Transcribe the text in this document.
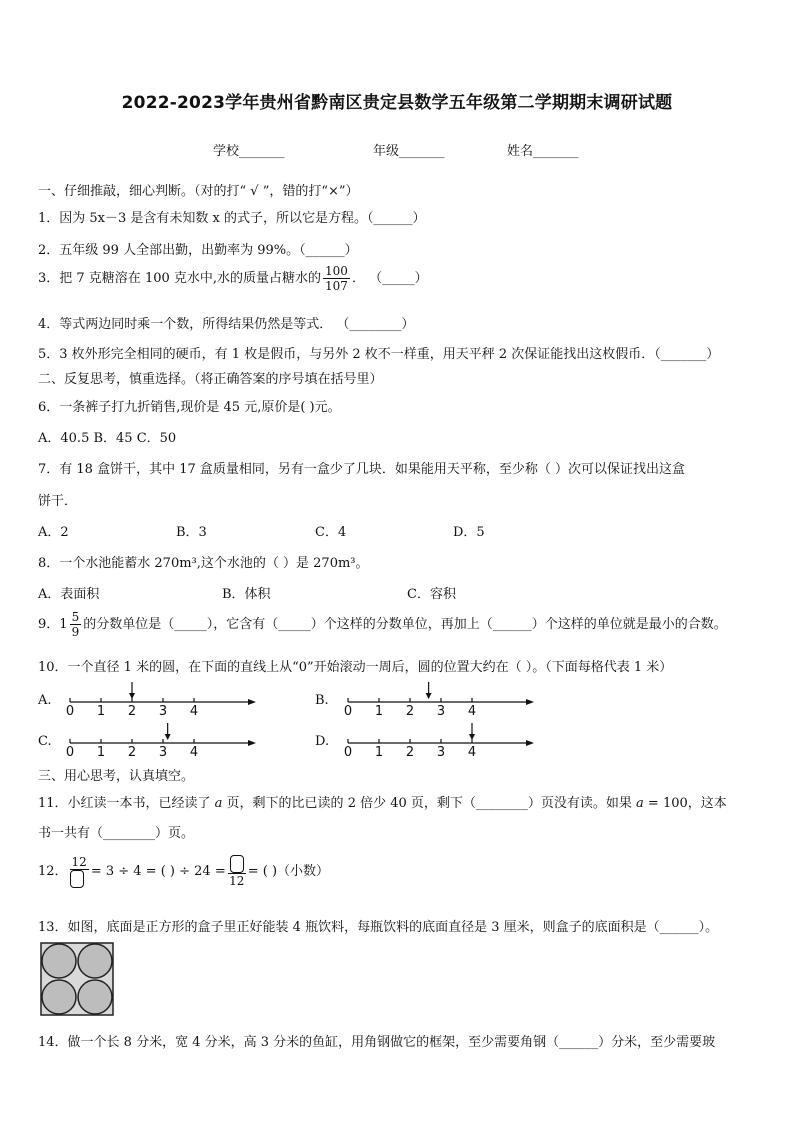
2022-2023学年贵州省黔南区贵定县数学五年级第二学期期末调研试题
学校_______	年级_______	姓名_______
一、仔细推敲，细心判断。（对的打“ √ ”，错的打“×”）
1．因为 5x－3 是含有未知数 x 的式子，所以它是方程。（______）
2．五年级 99 人全部出勤，出勤率为 99%。（______）
3．把 7 克糖溶在 100 克水中,水的质量占糖水的 $\frac{100}{107}$ ． （_____）
4．等式两边同时乘一个数，所得结果仍然是等式． （________）
5．3 枚外形完全相同的硬币，有 1 枚是假币，与另外 2 枚不一样重，用天平秤 2 次保证能找出这枚假币．（_______）
二、反复思考，慎重选择。（将正确答案的序号填在括号里）
6．一条裤子打九折销售,现价是 45 元,原价是( )元。
A．40.5 B．45 C．50
7．有 18 盒饼干，其中 17 盒质量相同，另有一盒少了几块．如果能用天平称，至少称（ ）次可以保证找出这盒
饼干．
A．2	B．3	C．4	D．5
8．一个水池能蓄水 270m³,这个水池的（ ）是 270m³。
A．表面积	B．体积	C．容积
9．$1 \frac{5}{9}$ 的分数单位是（_____），它含有（_____）个这样的分数单位，再加上（______）个这样的单位就是最小的合数。
10．一个直径 1 米的圆，在下面的直线上从“0”开始滚动一周后，圆的位置大约在（ ）。（下面每格代表 1 米）
A.	B.
C.	D.
0 1 2 3 4	0 1 2 3 4
0 1 2 3 4	0 1 2 3 4
三、用心思考，认真填空。
11．小红读一本书，已经读了 𝑎 页，剩下的比已读的 2 倍少 40 页，剩下（________）页没有读。如果 𝑎 = 100，这本
书一共有（________）页。
12．
12
= 3 ÷ 4 = ( ) ÷ 24 =
12
= ( )（小数）
13．如图，底面是正方形的盒子里正好能装 4 瓶饮料，每瓶饮料的底面直径是 3 厘米，则盒子的底面积是（______）。
14．做一个长 8 分米，宽 4 分米，高 3 分米的鱼缸，用角钢做它的框架，至少需要角钢（______）分米，至少需要玻
